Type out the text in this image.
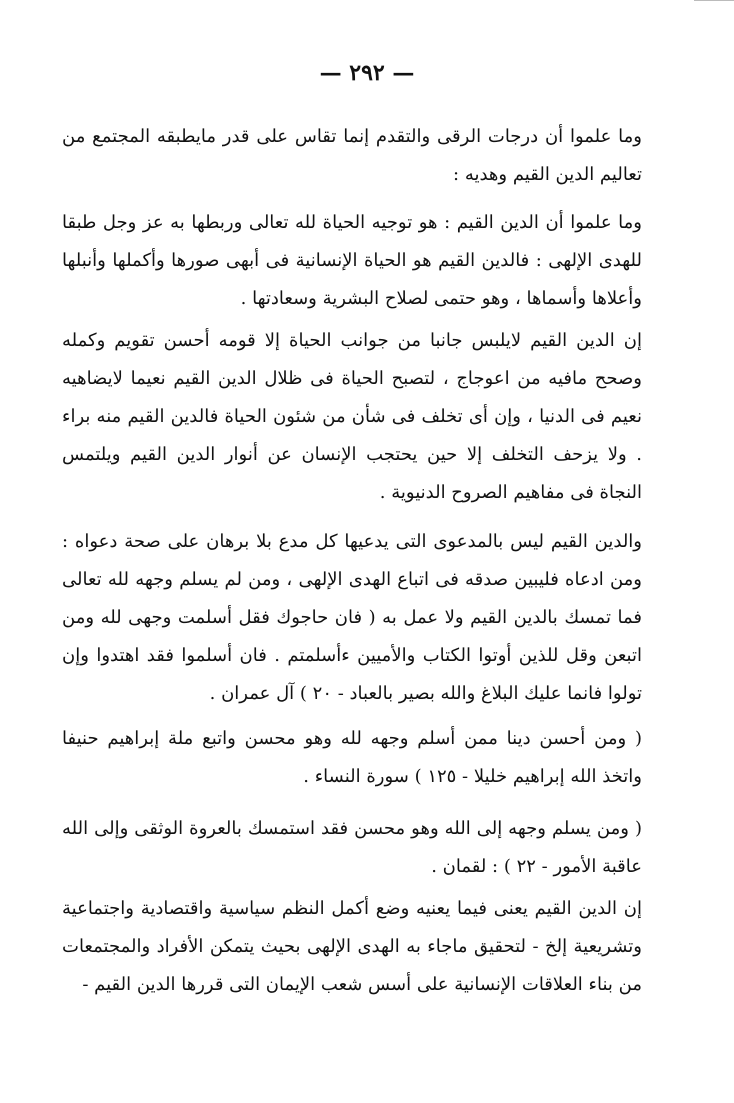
— ٢٩٢ —

وما علموا أن درجات الرقى والتقدم إنما تقاس على قدر مايطبقه المجتمع من تعاليم الدين القيم وهديه :

وما علموا أن الدين القيم : هو توجيه الحياة لله تعالى وربطها به عز وجل طبقا للهدى الإلهى : فالدين القيم هو الحياة الإنسانية فى أبهى صورها وأكملها وأنبلها وأعلاها وأسماها ، وهو حتمى لصلاح البشرية وسعادتها .

إن الدين القيم لايلبس جانبا من جوانب الحياة إلا قومه أحسن تقويم وكمله وصحح مافيه من اعوجاج ، لتصبح الحياة فى ظلال الدين القيم نعيما لايضاهيه نعيم فى الدنيا ، وإن أى تخلف فى شأن من شئون الحياة فالدين القيم منه براء . ولا يزحف التخلف إلا حين يحتجب الإنسان عن أنوار الدين القيم ويلتمس النجاة فى مفاهيم الصروح الدنيوية .

والدين القيم ليس بالمدعوى التى يدعيها كل مدع بلا برهان على صحة دعواه : ومن ادعاه فليبين صدقه فى اتباع الهدى الإلهى ، ومن لم يسلم وجهه لله تعالى فما تمسك بالدين القيم ولا عمل به ( فان حاجوك فقل أسلمت وجهى لله ومن اتبعن وقل للذين أوتوا الكتاب والأميين ءأسلمتم . فان أسلموا فقد اهتدوا وإن تولوا فانما عليك البلاغ والله بصير بالعباد - ٢٠ ) آل عمران .

( ومن أحسن دينا ممن أسلم وجهه لله وهو محسن واتبع ملة إبراهيم حنيفا واتخذ الله إبراهيم خليلا - ١٢٥ ) سورة النساء .

( ومن يسلم وجهه إلى الله وهو محسن فقد استمسك بالعروة الوثقى وإلى الله عاقبة الأمور - ٢٢ ) : لقمان .

إن الدين القيم يعنى فيما يعنيه وضع أكمل النظم سياسية واقتصادية واجتماعية وتشريعية إلخ - لتحقيق ماجاء به الهدى الإلهى بحيث يتمكن الأفراد والمجتمعات من بناء العلاقات الإنسانية على أسس شعب الإيمان التى قررها الدين القيم -
